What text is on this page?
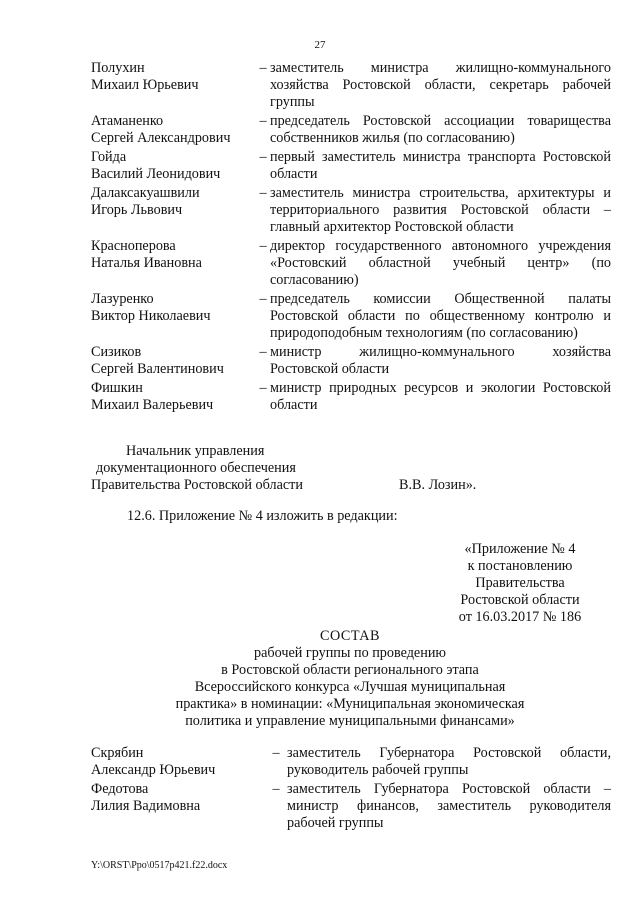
27
Полухин
Михаил Юрьевич
– заместитель министра жилищно-коммунального хозяйства Ростовской области, секретарь рабочей группы
Атаманенко
Сергей Александрович
– председатель Ростовской ассоциации товарищества собственников жилья (по согласованию)
Гойда
Василий Леонидович
– первый заместитель министра транспорта Ростовской области
Далаксакуашвили
Игорь Львович
– заместитель министра строительства, архитектуры и территориального развития Ростовской области – главный архитектор Ростовской области
Красноперова
Наталья Ивановна
– директор государственного автономного учреждения «Ростовский областной учебный центр» (по согласованию)
Лазуренко
Виктор Николаевич
– председатель комиссии Общественной палаты Ростовской области по общественному контролю и природоподобным технологиям (по согласованию)
Сизиков
Сергей Валентинович
– министр жилищно-коммунального хозяйства Ростовской области
Фишкин
Михаил Валерьевич
– министр природных ресурсов и экологии Ростовской области
Начальник управления
документационного обеспечения
Правительства Ростовской области	В.В. Лозин».
12.6. Приложение № 4 изложить в редакции:
«Приложение № 4
к постановлению
Правительства
Ростовской области
от 16.03.2017 № 186
СОСТАВ
рабочей группы по проведению
в Ростовской области регионального этапа
Всероссийского конкурса «Лучшая муниципальная
практика» в номинации: «Муниципальная экономическая
политика и управление муниципальными финансами»
Скрябин
Александр Юрьевич
– заместитель Губернатора Ростовской области, руководитель рабочей группы
Федотова
Лилия Вадимовна
– заместитель Губернатора Ростовской области – министр финансов, заместитель руководителя рабочей группы
Y:\ORST\Ppo\0517p421.f22.docx
